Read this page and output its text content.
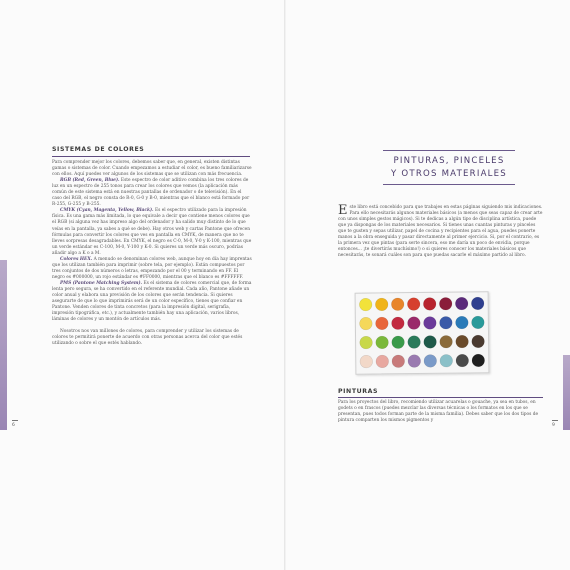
SISTEMAS DE COLORES

Para comprender mejor los colores, debemos saber que, en general, existen distintas gamas o sistemas de color. Cuando empezamos a estudiar el color, es bueno familiarizarse con ellos. Aquí puedes ver algunos de los sistemas que se utilizan con más frecuencia.

RGB (Red, Green, Blue). Este espectro de color aditivo combina los tres colores de luz en un espectro de 255 tonos para crear los colores que vemos (la aplicación más común de este sistema está en nuestras pantallas de ordenador o de televisión). En el caso del RGB, el negro consta de R-0, G-0 y B-0, mientras que el blanco está formado por R-255, G-255 y B-255.

CMYK (Cyan, Magenta, Yellow, Black). Es el espectro utilizado para la impresión física. Es una gama más limitada, lo que equivale a decir que contiene menos colores que el RGB (si alguna vez has impreso algo del ordenador y ha salido muy distinto de lo que veías en la pantalla, ya sabes a qué se debe). Hay otros web y cartas Pantone que ofrecen fórmulas para convertir los colores que ves en pantalla en CMYK, de manera que no te lleves sorpresas desagradables. En CMYK, el negro es C-0, M-0, Y-0 y K-100, mientras que un verde estándar es C-100, M-0, Y-100 y K-0. Si quieres un verde más oscuro, podrías añadir algo a K o a M.

Colores HEX. A menudo se denominan colores web, aunque hoy en día hay imprentas que los utilizan también para imprimir (sobre tela, por ejemplo). Están compuestos por tres conjuntos de dos números o letras, empezando por el 00 y terminando en FF. El negro es #000000, un rojo estándar es #FF0000, mientras que el blanco es #FFFFFF.

PMS (Pantone Matching System). Es el sistema de colores comercial que, de forma lenta pero segura, se ha convertido en el referente mundial. Cada año, Pantone añade un color anual y elabora una previsión de los colores que serán tendencia. Si quieres asegurarte de que lo que imprimirás será de un color específico, tienes que confiar en Pantone. Venden colores de tinta concretos (para la impresión digital, serigrafía, impresión tipográfica, etc.), y actualmente también hay una aplicación, varios libros, láminas de colores y un montón de artículos más.

Nosotros nos van millones de colores, para comprender y utilizar los sistemas de colores te permitirá ponerte de acuerdo con otras personas acerca del color que estés utilizando o sobre el que estés hablando.

6
PINTURAS, PINCELES
Y OTROS MATERIALES

Este libro está concebido para que trabajes en estas páginas siguiendo mis indicaciones. Para ello necesitarás algunos materiales básicos (a menos que seas capaz de crear arte con unos simples gestos mágicos). Si te dedicas a algún tipo de disciplina artística, puede que ya dispongas de los materiales necesarios. Si tienes unas cuantas pinturas y pinceles que te gusten y sepas utilizar, papel de cocina y recipientes para el agua, puedes ponerte manos a la obra enseguida y pasar directamente al primer ejercicio. Si, por el contrario, es la primera vez que pintas (para serte sincera, eso me daría un poco de envidia, porque entonces... ¡te divertirás muchísimo!) o si quieres conocer los materiales básicos que necesitarás, te sonará cuáles son para que puedas sacarle el máximo partido al libro.

PINTURAS

Para los proyectos del libro, recomiendo utilizar acuarelas o gouache, ya sea en tubos, en godets o en frascos (puedes mezclar las diversas técnicas o los formatos en los que se presentan, pues todos forman parte de la misma familia). Debes saber que los dos tipos de pintura comparten los mismos pigmentos y

9
